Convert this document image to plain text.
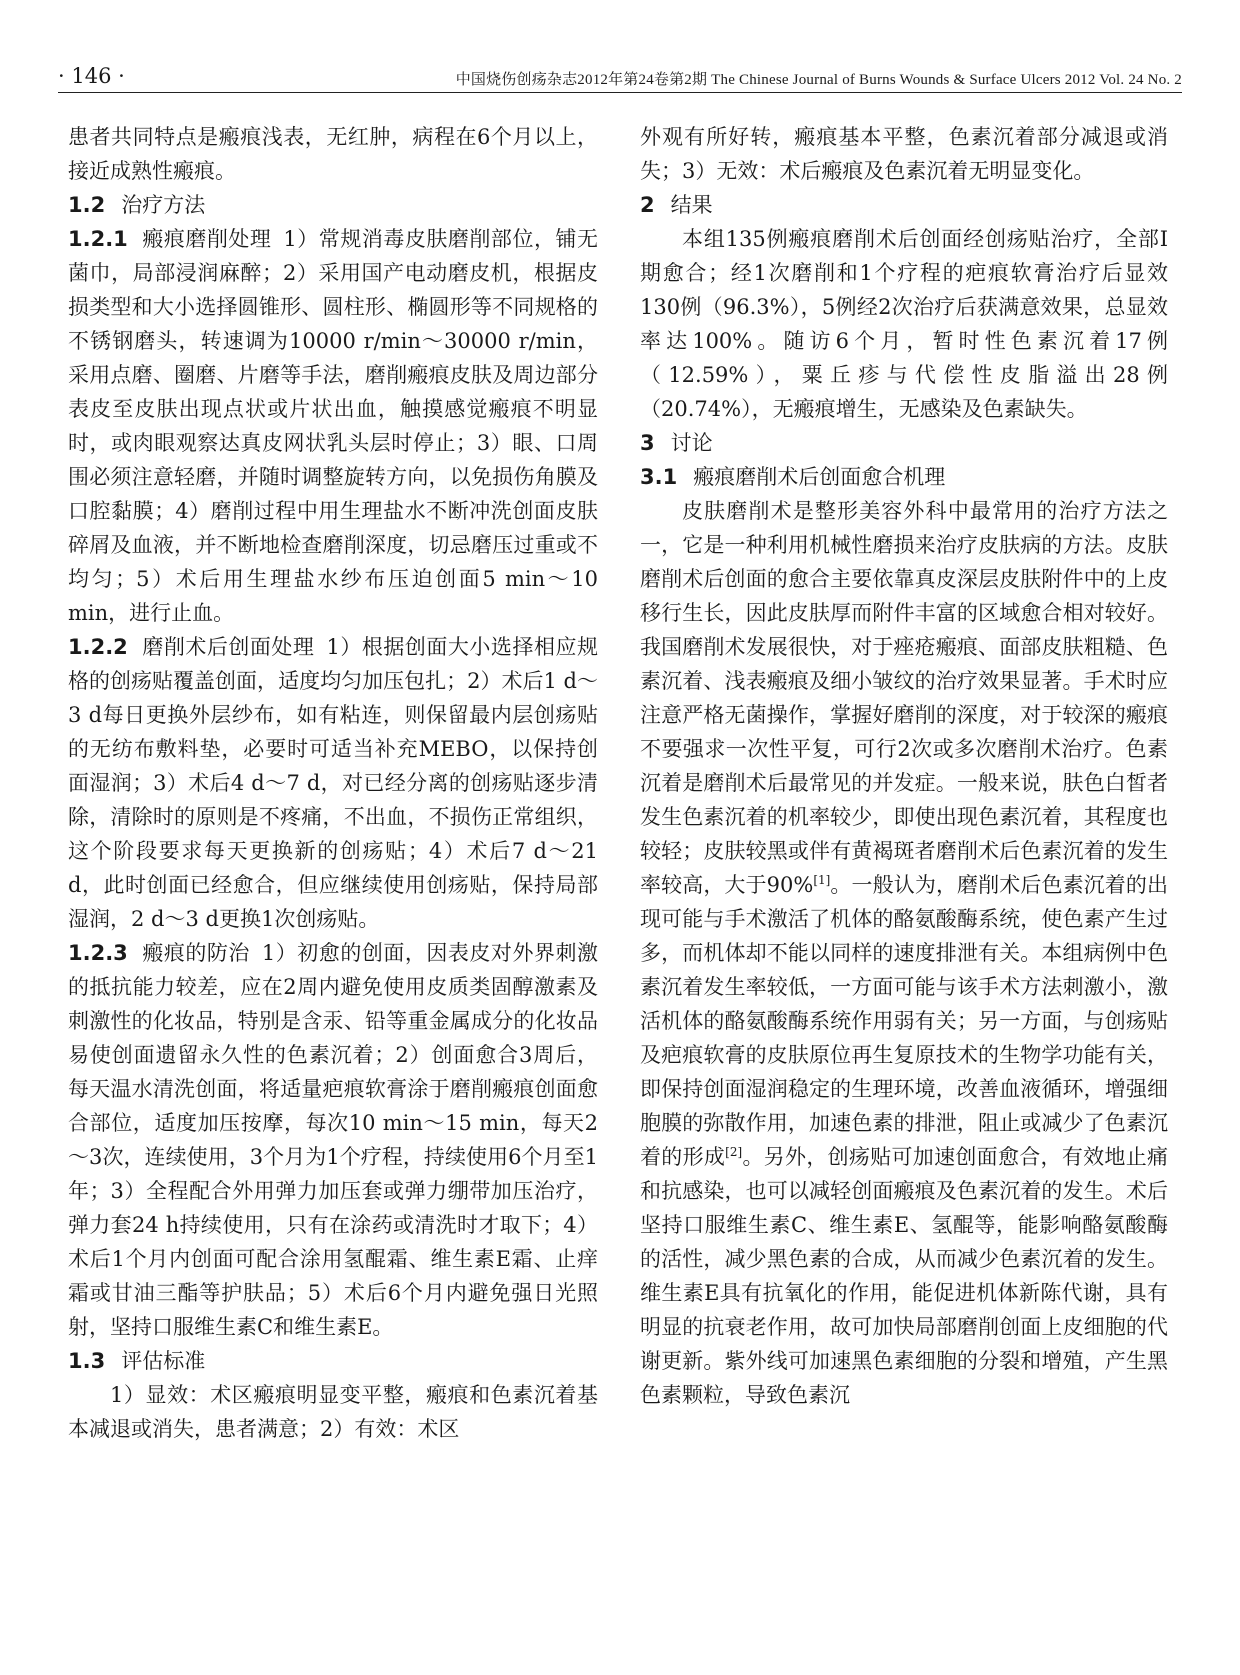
· 146 ·	中国烧伤创疡杂志2012年第24卷第2期 The Chinese Journal of Burns Wounds & Surface Ulcers 2012 Vol. 24 No. 2

患者共同特点是瘢痕浅表，无红肿，病程在6个月以上，接近成熟性瘢痕。

1.2 治疗方法

1.2.1 瘢痕磨削处理 1）常规消毒皮肤磨削部位，铺无菌巾，局部浸润麻醉；2）采用国产电动磨皮机，根据皮损类型和大小选择圆锥形、圆柱形、椭圆形等不同规格的不锈钢磨头，转速调为10000 r/min～30000 r/min，采用点磨、圈磨、片磨等手法，磨削瘢痕皮肤及周边部分表皮至皮肤出现点状或片状出血，触摸感觉瘢痕不明显时，或肉眼观察达真皮网状乳头层时停止；3）眼、口周围必须注意轻磨，并随时调整旋转方向，以免损伤角膜及口腔黏膜；4）磨削过程中用生理盐水不断冲洗创面皮肤碎屑及血液，并不断地检查磨削深度，切忌磨压过重或不均匀；5）术后用生理盐水纱布压迫创面5 min～10 min，进行止血。

1.2.2 磨削术后创面处理 1）根据创面大小选择相应规格的创疡贴覆盖创面，适度均匀加压包扎；2）术后1 d～3 d每日更换外层纱布，如有粘连，则保留最内层创疡贴的无纺布敷料垫，必要时可适当补充MEBO，以保持创面湿润；3）术后4 d～7 d，对已经分离的创疡贴逐步清除，清除时的原则是不疼痛，不出血，不损伤正常组织，这个阶段要求每天更换新的创疡贴；4）术后7 d～21 d，此时创面已经愈合，但应继续使用创疡贴，保持局部湿润，2 d～3 d更换1次创疡贴。

1.2.3 瘢痕的防治 1）初愈的创面，因表皮对外界刺激的抵抗能力较差，应在2周内避免使用皮质类固醇激素及刺激性的化妆品，特别是含汞、铅等重金属成分的化妆品易使创面遗留永久性的色素沉着；2）创面愈合3周后，每天温水清洗创面，将适量疤痕软膏涂于磨削瘢痕创面愈合部位，适度加压按摩，每次10 min～15 min，每天2～3次，连续使用，3个月为1个疗程，持续使用6个月至1年；3）全程配合外用弹力加压套或弹力绷带加压治疗，弹力套24 h持续使用，只有在涂药或清洗时才取下；4）术后1个月内创面可配合涂用氢醌霜、维生素E霜、止痒霜或甘油三酯等护肤品；5）术后6个月内避免强日光照射，坚持口服维生素C和维生素E。

1.3 评估标准

1）显效：术区瘢痕明显变平整，瘢痕和色素沉着基本减退或消失，患者满意；2）有效：术区

外观有所好转，瘢痕基本平整，色素沉着部分减退或消失；3）无效：术后瘢痕及色素沉着无明显变化。

2 结果

本组135例瘢痕磨削术后创面经创疡贴治疗，全部Ⅰ期愈合；经1次磨削和1个疗程的疤痕软膏治疗后显效130例（96.3%），5例经2次治疗后获满意效果，总显效率达100%。随访6个月，暂时性色素沉着17例（12.59%），粟丘疹与代偿性皮脂溢出28例（20.74%），无瘢痕增生，无感染及色素缺失。

3 讨论

3.1 瘢痕磨削术后创面愈合机理

皮肤磨削术是整形美容外科中最常用的治疗方法之一，它是一种利用机械性磨损来治疗皮肤病的方法。皮肤磨削术后创面的愈合主要依靠真皮深层皮肤附件中的上皮移行生长，因此皮肤厚而附件丰富的区域愈合相对较好。我国磨削术发展很快，对于痤疮瘢痕、面部皮肤粗糙、色素沉着、浅表瘢痕及细小皱纹的治疗效果显著。手术时应注意严格无菌操作，掌握好磨削的深度，对于较深的瘢痕不要强求一次性平复，可行2次或多次磨削术治疗。色素沉着是磨削术后最常见的并发症。一般来说，肤色白皙者发生色素沉着的机率较少，即使出现色素沉着，其程度也较轻；皮肤较黑或伴有黄褐斑者磨削术后色素沉着的发生率较高，大于90%[1]。一般认为，磨削术后色素沉着的出现可能与手术激活了机体的酪氨酸酶系统，使色素产生过多，而机体却不能以同样的速度排泄有关。本组病例中色素沉着发生率较低，一方面可能与该手术方法刺激小，激活机体的酪氨酸酶系统作用弱有关；另一方面，与创疡贴及疤痕软膏的皮肤原位再生复原技术的生物学功能有关，即保持创面湿润稳定的生理环境，改善血液循环，增强细胞膜的弥散作用，加速色素的排泄，阻止或减少了色素沉着的形成[2]。另外，创疡贴可加速创面愈合，有效地止痛和抗感染，也可以减轻创面瘢痕及色素沉着的发生。术后坚持口服维生素C、维生素E、氢醌等，能影响酪氨酸酶的活性，减少黑色素的合成，从而减少色素沉着的发生。维生素E具有抗氧化的作用，能促进机体新陈代谢，具有明显的抗衰老作用，故可加快局部磨削创面上皮细胞的代谢更新。紫外线可加速黑色素细胞的分裂和增殖，产生黑色素颗粒，导致色素沉
